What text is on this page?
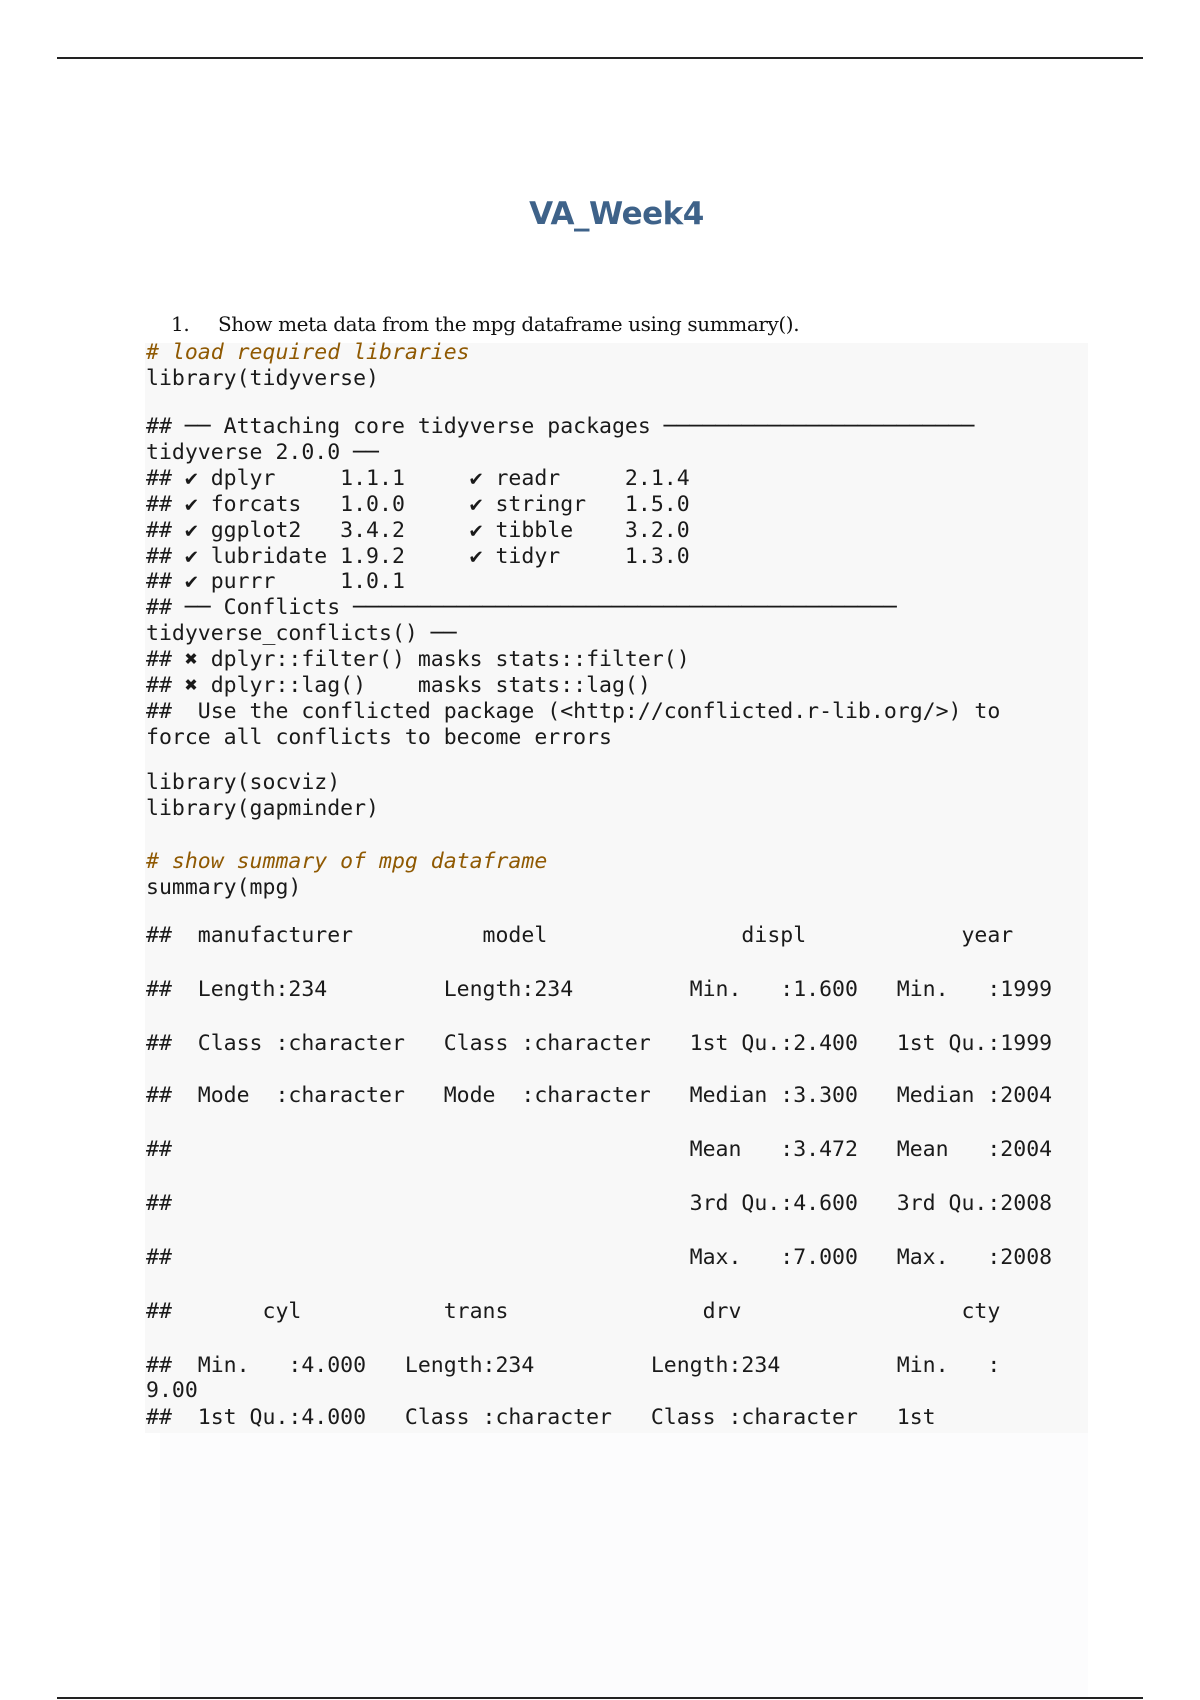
VA_Week4
1. Show meta data from the mpg dataframe using summary().
# load required libraries
library(tidyverse)
## ── Attaching core tidyverse packages ────────────────────────
tidyverse 2.0.0 ──
## ✔ dplyr     1.1.1     ✔ readr     2.1.4
## ✔ forcats   1.0.0     ✔ stringr   1.5.0
## ✔ ggplot2   3.4.2     ✔ tibble    3.2.0
## ✔ lubridate 1.9.2     ✔ tidyr     1.3.0
## ✔ purrr     1.0.1
## ── Conflicts ──────────────────────────────────────────
tidyverse_conflicts() ──
## ✖ dplyr::filter() masks stats::filter()
## ✖ dplyr::lag()    masks stats::lag()
##  Use the conflicted package (<http://conflicted.r-lib.org/>) to
force all conflicts to become errors
library(socviz)
library(gapminder)
# show summary of mpg dataframe
summary(mpg)
##  manufacturer          model               displ            year
##  Length:234         Length:234         Min.   :1.600   Min.   :1999
##  Class :character   Class :character   1st Qu.:2.400   1st Qu.:1999
##  Mode  :character   Mode  :character   Median :3.300   Median :2004
##                                        Mean   :3.472   Mean   :2004
##                                        3rd Qu.:4.600   3rd Qu.:2008
##                                        Max.   :7.000   Max.   :2008
##       cyl           trans               drv                 cty
##  Min.   :4.000   Length:234         Length:234         Min.   :
9.00
##  1st Qu.:4.000   Class :character   Class :character   1st
